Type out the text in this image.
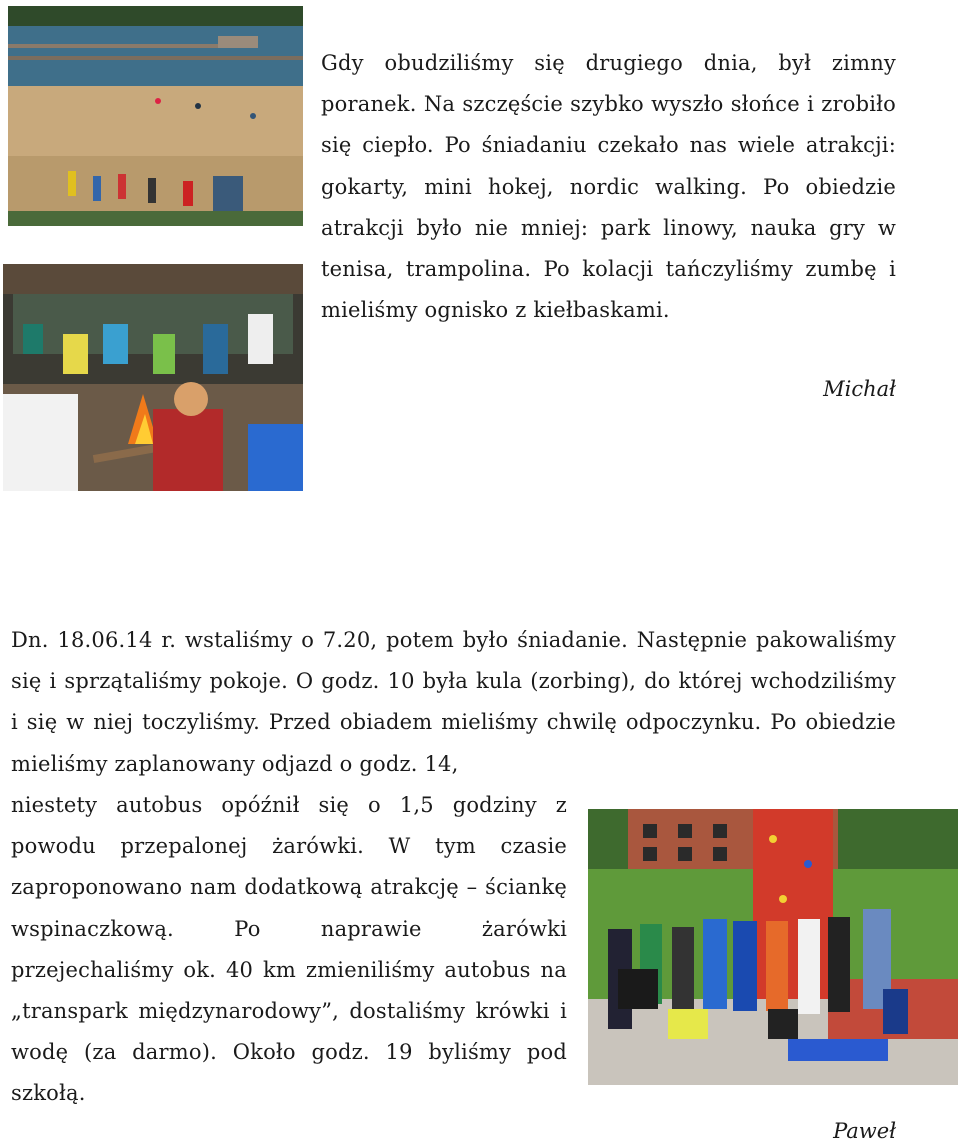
Gdy obudziliśmy się drugiego dnia, był zimny poranek. Na szczęście szybko wyszło słońce i zrobiło się ciepło. Po śniadaniu czekało nas wiele atrakcji: gokarty, mini hokej, nordic walking. Po obiedzie atrakcji było nie mniej: park linowy, nauka gry w tenisa, trampolina. Po kolacji tańczyliśmy zumbę i mieliśmy ognisko z kiełbaskami.

Michał

Dn. 18.06.14 r. wstaliśmy o 7.20, potem było śniadanie. Następnie pakowaliśmy się i sprzątaliśmy pokoje. O godz. 10 była kula (zorbing), do której wchodziliśmy i się w niej toczyliśmy. Przed obiadem mieliśmy chwilę odpoczynku. Po obiedzie mieliśmy zaplanowany odjazd o godz. 14,

niestety autobus opóźnił się o 1,5 godziny z powodu przepalonej żarówki. W tym czasie zaproponowano nam dodatkową atrakcję – ściankę wspinaczkową. Po naprawie żarówki przejechaliśmy ok. 40 km zmieniliśmy autobus na „transpark międzynarodowy”, dostaliśmy krówki i wodę (za darmo). Około godz. 19 byliśmy pod szkołą.

Paweł
